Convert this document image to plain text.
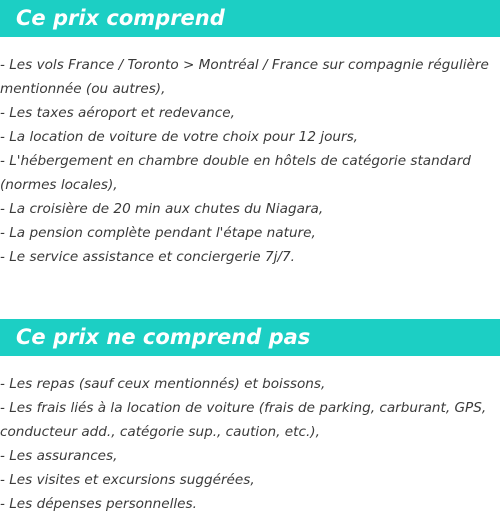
Ce prix comprend
- Les vols France / Toronto > Montréal / France sur compagnie régulière mentionnée (ou autres),
- Les taxes aéroport et redevance,
- La location de voiture de votre choix pour 12 jours,
- L'hébergement en chambre double en hôtels de catégorie standard (normes locales),
- La croisière de 20 min aux chutes du Niagara,
- La pension complète pendant l'étape nature,
- Le service assistance et conciergerie 7j/7.
Ce prix ne comprend pas
- Les repas (sauf ceux mentionnés) et boissons,
- Les frais liés à la location de voiture (frais de parking, carburant, GPS, conducteur add., catégorie sup., caution, etc.),
- Les assurances,
- Les visites et excursions suggérées,
- Les dépenses personnelles.
